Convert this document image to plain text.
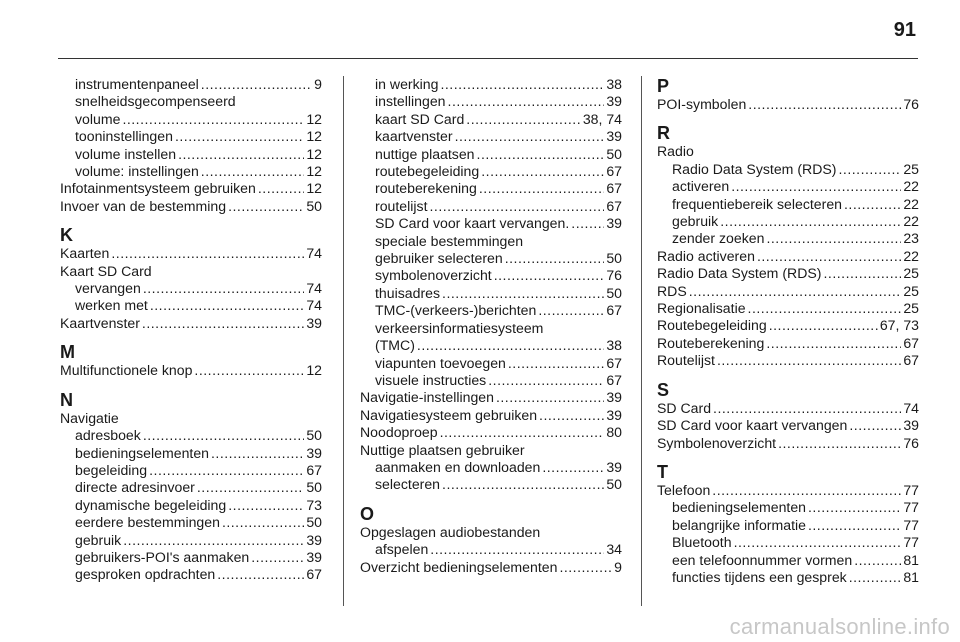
91
instrumentenpaneel .....	9
snelheidsgecompenseerd
volume .....	12
tooninstellingen .....	12
volume instellen .....	12
volume: instellingen .....	12
Infotainmentsysteem gebruiken .....	12
Invoer van de bestemming .....	50
K
Kaarten .....	74
Kaart SD Card
vervangen .....	74
werken met .....	74
Kaartvenster .....	39
M
Multifunctionele knop .....	12
N
Navigatie
adresboek .....	50
bedieningselementen .....	39
begeleiding .....	67
directe adresinvoer .....	50
dynamische begeleiding .....	73
eerdere bestemmingen .....	50
gebruik .....	39
gebruikers-POI's aanmaken .....	39
gesproken opdrachten .....	67
in werking .....	38
instellingen .....	39
kaart SD Card .....	38, 74
kaartvenster .....	39
nuttige plaatsen .....	50
routebegeleiding .....	67
routeberekening .....	67
routelijst .....	67
SD Card voor kaart vervangen. .....	39
speciale bestemmingen
gebruiker selecteren .....	50
symbolenoverzicht .....	76
thuisadres .....	50
TMC-(verkeers-)berichten .....	67
verkeersinformatiesysteem
(TMC) .....	38
viapunten toevoegen .....	67
visuele instructies .....	67
Navigatie-instellingen .....	39
Navigatiesysteem gebruiken .....	39
Noodoproep .....	80
Nuttige plaatsen gebruiker
aanmaken en downloaden .....	39
selecteren .....	50
O
Opgeslagen audiobestanden
afspelen .....	34
Overzicht bedieningselementen .....	9
P
POI-symbolen .....	76
R
Radio
Radio Data System (RDS) .....	25
activeren .....	22
frequentiebereik selecteren .....	22
gebruik .....	22
zender zoeken .....	23
Radio activeren .....	22
Radio Data System (RDS) .....	25
RDS .....	25
Regionalisatie .....	25
Routebegeleiding .....	67, 73
Routeberekening .....	67
Routelijst .....	67
S
SD Card .....	74
SD Card voor kaart vervangen .....	39
Symbolenoverzicht .....	76
T
Telefoon .....	77
bedieningselementen .....	77
belangrijke informatie .....	77
Bluetooth .....	77
een telefoonnummer vormen .....	81
functies tijdens een gesprek .....	81
carmanualsonline.info
